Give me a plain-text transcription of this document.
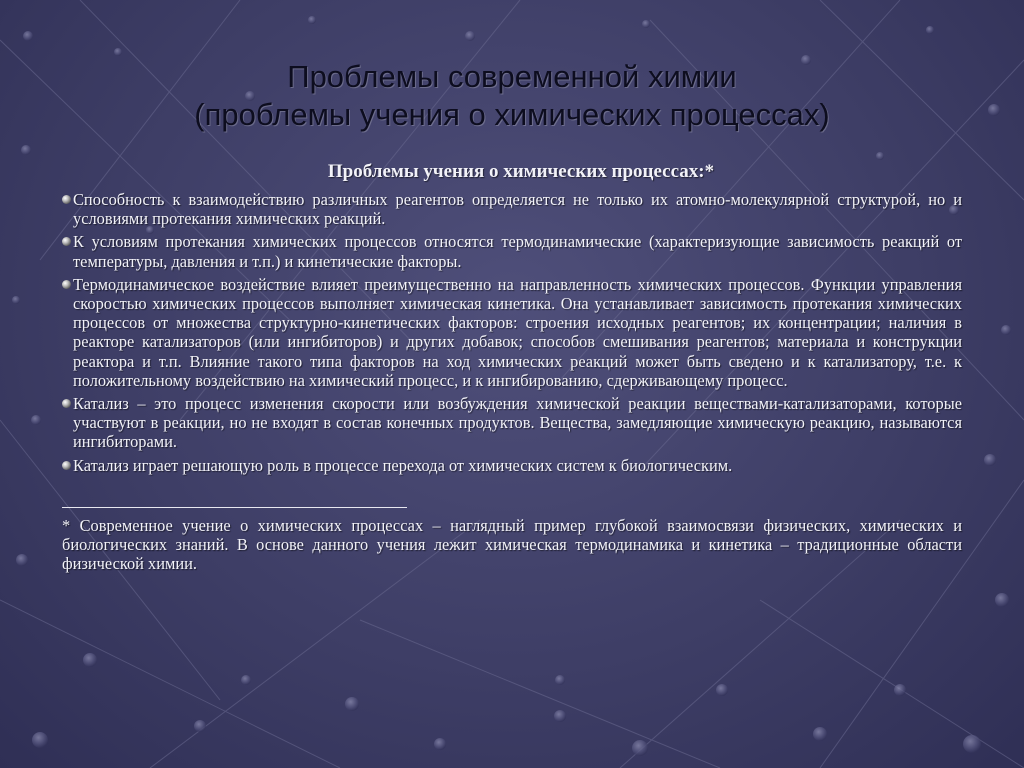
Проблемы современной химии
(проблемы учения о химических процессах)
Проблемы учения о химических процессах:*
Способность к взаимодействию различных реагентов определяется не только их атомно-молекулярной структурой, но и условиями протекания химических реакций.
К условиям протекания химических процессов относятся термодинамические (характеризующие зависимость реакций от температуры, давления и т.п.) и кинетические факторы.
Термодинамическое воздействие влияет преимущественно на направленность химических процессов. Функции управления скоростью химических процессов выполняет химическая кинетика. Она устанавливает зависимость протекания химических процессов от множества структурно-кинетических факторов: строения исходных реагентов; их концентрации; наличия в реакторе катализаторов (или ингибиторов) и других добавок; способов смешивания реагентов; материала и конструкции реактора и т.п. Влияние такого типа факторов на ход химических реакций может быть сведено и к катализатору, т.е. к положительному воздействию на химический процесс, и к ингибированию, сдерживающему процесс.
Катализ – это процесс изменения скорости или возбуждения химической реакции веществами-катализаторами, которые участвуют в реакции, но не входят в состав конечных продуктов. Вещества, замедляющие химическую реакцию, называются ингибиторами.
Катализ играет решающую роль в процессе перехода от химических систем к биологическим.
* Современное учение о химических процессах – наглядный пример глубокой взаимосвязи физических, химических и биологических знаний. В основе данного учения лежит химическая термодинамика и кинетика – традиционные области физической химии.
